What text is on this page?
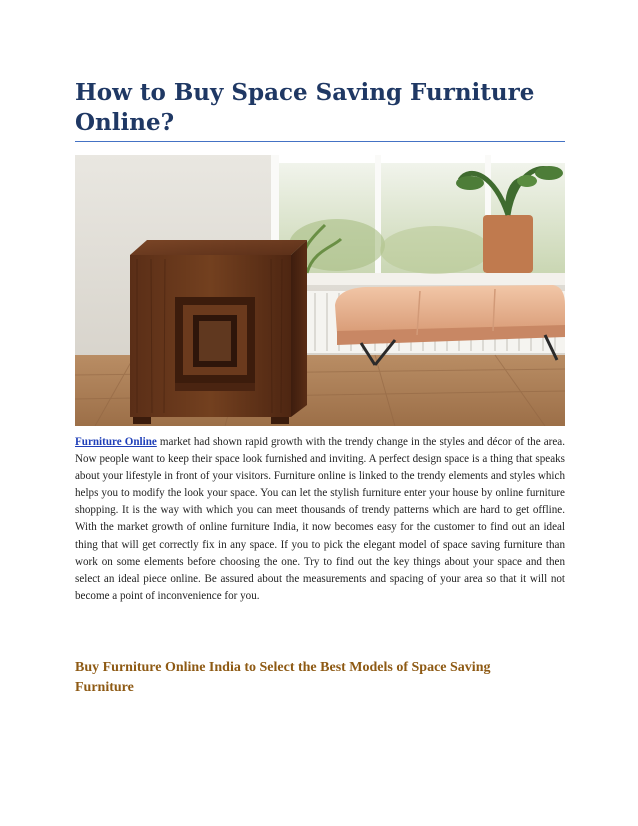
How to Buy Space Saving Furniture Online?

Furniture Online market had shown rapid growth with the trendy change in the styles and décor of the area. Now people want to keep their space look furnished and inviting. A perfect design space is a thing that speaks about your lifestyle in front of your visitors. Furniture online is linked to the trendy elements and styles which helps you to modify the look your space. You can let the stylish furniture enter your house by online furniture shopping. It is the way with which you can meet thousands of trendy patterns which are hard to get offline. With the market growth of online furniture India, it now becomes easy for the customer to find out an ideal thing that will get correctly fix in any space. If you to pick the elegant model of space saving furniture than work on some elements before choosing the one. Try to find out the key things about your space and then select an ideal piece online. Be assured about the measurements and spacing of your area so that it will not become a point of inconvenience for you.

Buy Furniture Online India to Select the Best Models of Space Saving Furniture
